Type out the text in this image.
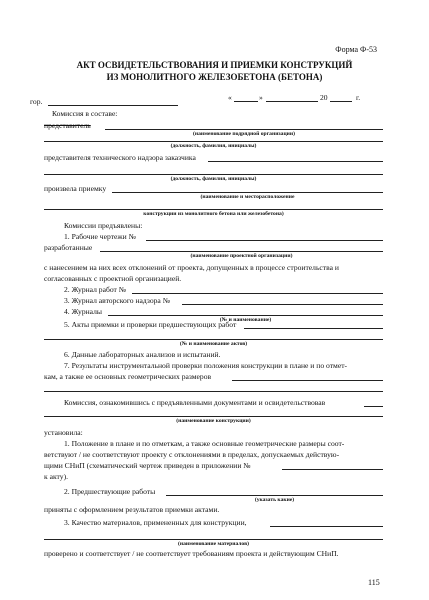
Форма Ф-53
АКТ ОСВИДЕТЕЛЬСТВОВАНИЯ И ПРИЕМКИ КОНСТРУКЦИЙ
ИЗ МОНОЛИТНОГО ЖЕЛЕЗОБЕТОНА (БЕТОНА)
гор.	«	»	20	г.
Комиссия в составе:
представитель
(наименование подрядной организации)
(должность, фамилия, инициалы)
представителя технического надзора заказчика
(должность, фамилия, инициалы)
произвела приемку
(наименование и месторасположение
конструкции из монолитного бетона или железобетона)
Комиссии предъявлены:
1. Рабочие чертежи №
разработанные
(наименование проектной организации)
с нанесением на них всех отклонений от проекта, допущенных в процессе строительства и
согласованных с проектной организацией.
2. Журнал работ №
3. Журнал авторского надзора №
4. Журналы
(№ и наименование)
5. Акты приемки и проверки предшествующих работ
(№ и наименование актов)
6. Данные лабораторных анализов и испытаний.
7. Результаты инструментальной проверки положения конструкции в плане и по отмет-
кам, а также ее основных геометрических размеров
Комиссия, ознакомившись с предъявленными документами и освидетельствовав
(наименование конструкции)
установила:
1. Положение в плане и по отметкам, а также основные геометрические размеры соот-
ветствуют / не соответствуют проекту с отклонениями в пределах, допускаемых действую-
щими СНиП (схематический чертеж приведен в приложении №
к акту).
2. Предшествующие работы
(указать какие)
приняты с оформлением результатов приемки актами.
3. Качество материалов, примененных для конструкции,
(наименование материалов)
проверено и соответствует / не соответствует требованиям проекта и действующим СНиП.
115
